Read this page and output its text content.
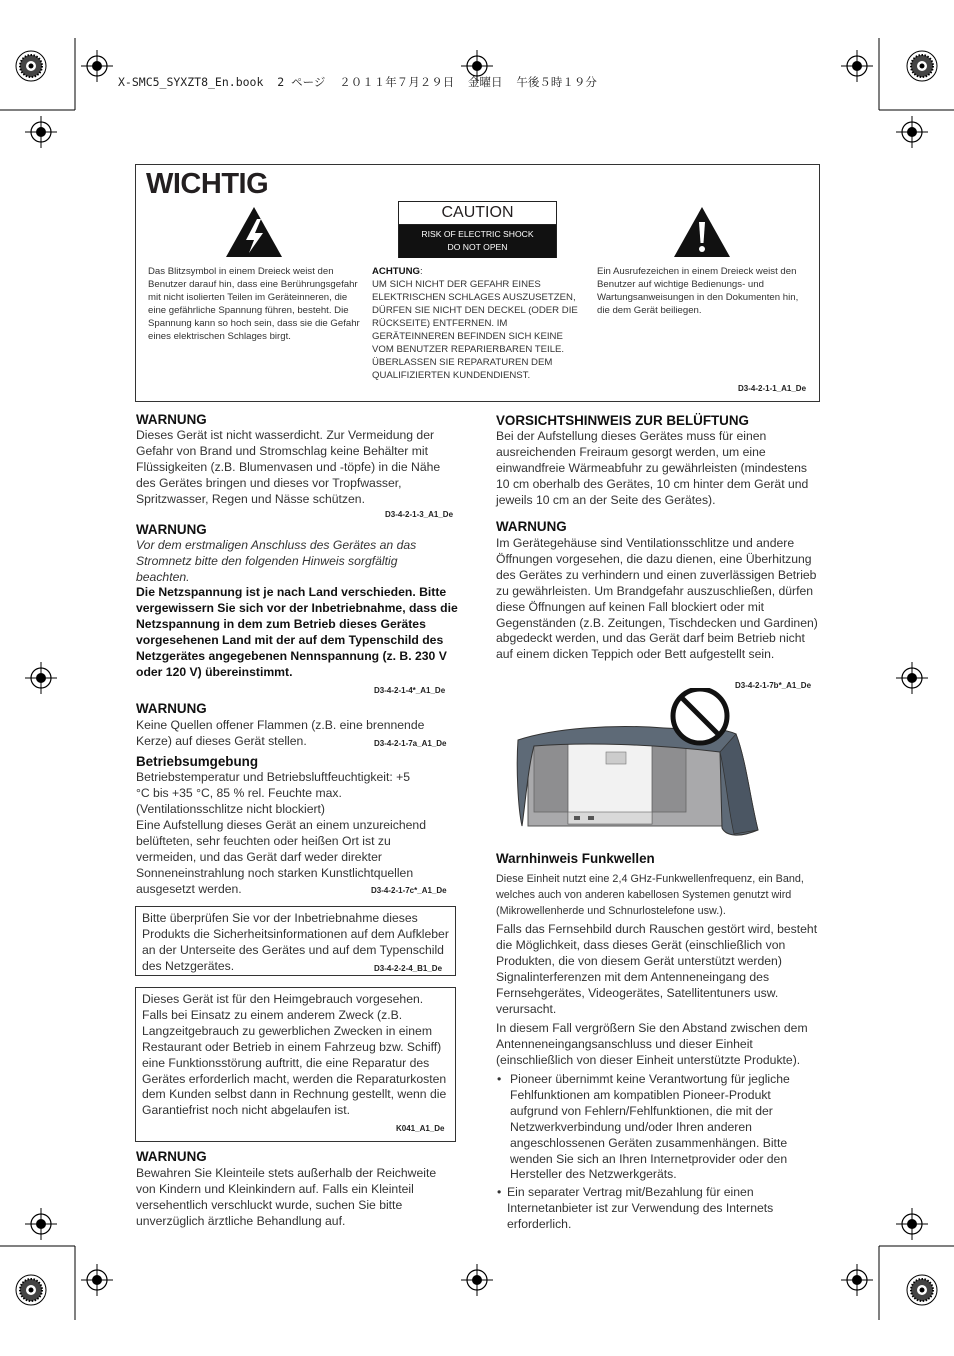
X-SMC5_SYXZT8_En.book  2 ページ  ２０１１年７月２９日  金曜日  午後５時１９分
WICHTIG
CAUTION
RISK OF ELECTRIC SHOCK
DO NOT OPEN
Das Blitzsymbol in einem Dreieck weist den Benutzer darauf hin, dass eine Berührungsgefahr mit nicht isolierten Teilen im Geräteinneren, die eine gefährliche Spannung führen, besteht. Die Spannung kann so hoch sein, dass sie die Gefahr eines elektrischen Schlages birgt.
ACHTUNG:
UM SICH NICHT DER GEFAHR EINES ELEKTRISCHEN SCHLAGES AUSZUSETZEN, DÜRFEN SIE NICHT DEN DECKEL (ODER DIE RÜCKSEITE) ENTFERNEN. IM GERÄTEINNEREN BEFINDEN SICH KEINE VOM BENUTZER REPARIERBAREN TEILE. ÜBERLASSEN SIE REPARATUREN DEM QUALIFIZIERTEN KUNDENDIENST.
Ein Ausrufezeichen in einem Dreieck weist den Benutzer auf wichtige Bedienungs- und Wartungsanweisungen in den Dokumenten hin, die dem Gerät beiliegen.
D3-4-2-1-1_A1_De
WARNUNG
Dieses Gerät ist nicht wasserdicht. Zur Vermeidung der Gefahr von Brand und Stromschlag keine Behälter mit Flüssigkeiten (z.B. Blumenvasen und -töpfe) in die Nähe des Gerätes bringen und dieses vor Tropfwasser, Spritzwasser, Regen und Nässe schützen.
D3-4-2-1-3_A1_De
WARNUNG
Vor dem erstmaligen Anschluss des Gerätes an das Stromnetz bitte den folgenden Hinweis sorgfältig beachten.
Die Netzspannung ist je nach Land verschieden. Bitte vergewissern Sie sich vor der Inbetriebnahme, dass die Netzspannung in dem zum Betrieb dieses Gerätes vorgesehenen Land mit der auf dem Typenschild des Netzgerätes angegebenen Nennspannung (z. B. 230 V oder 120 V) übereinstimmt.
D3-4-2-1-4*_A1_De
WARNUNG
Keine Quellen offener Flammen (z.B. eine brennende Kerze) auf dieses Gerät stellen.	D3-4-2-1-7a_A1_De
Betriebsumgebung
Betriebstemperatur und Betriebsluftfeuchtigkeit: +5 °C bis +35 °C, 85 % rel. Feuchte max. (Ventilationsschlitze nicht blockiert)
Eine Aufstellung dieses Gerät an einem unzureichend belüfteten, sehr feuchten oder heißen Ort ist zu vermeiden, und das Gerät darf weder direkter Sonneneinstrahlung noch starken Kunstlichtquellen ausgesetzt werden.	D3-4-2-1-7c*_A1_De
Bitte überprüfen Sie vor der Inbetriebnahme dieses Produkts die Sicherheitsinformationen auf dem Aufkleber an der Unterseite des Gerätes und auf dem Typenschild des Netzgerätes.	D3-4-2-2-4_B1_De
Dieses Gerät ist für den Heimgebrauch vorgesehen. Falls bei Einsatz zu einem anderem Zweck (z.B. Langzeitgebrauch zu gewerblichen Zwecken in einem Restaurant oder Betrieb in einem Fahrzeug bzw. Schiff) eine Funktionsstörung auftritt, die eine Reparatur des Gerätes erforderlich macht, werden die Reparaturkosten dem Kunden selbst dann in Rechnung gestellt, wenn die Garantiefrist noch nicht abgelaufen ist.
K041_A1_De
WARNUNG
Bewahren Sie Kleinteile stets außerhalb der Reichweite von Kindern und Kleinkindern auf. Falls ein Kleinteil versehentlich verschluckt wurde, suchen Sie bitte unverzüglich ärztliche Behandlung auf.
VORSICHTSHINWEIS ZUR BELÜFTUNG
Bei der Aufstellung dieses Gerätes muss für einen ausreichenden Freiraum gesorgt werden, um eine einwandfreie Wärmeabfuhr zu gewährleisten (mindestens 10 cm oberhalb des Gerätes, 10 cm hinter dem Gerät und jeweils 10 cm an der Seite des Gerätes).
WARNUNG
Im Gerätegehäuse sind Ventilationsschlitze und andere Öffnungen vorgesehen, die dazu dienen, eine Überhitzung des Gerätes zu verhindern und einen zuverlässigen Betrieb zu gewährleisten. Um Brandgefahr auszuschließen, dürfen diese Öffnungen auf keinen Fall blockiert oder mit Gegenständen (z.B. Zeitungen, Tischdecken und Gardinen) abgedeckt werden, und das Gerät darf beim Betrieb nicht auf einem dicken Teppich oder Bett aufgestellt sein.
D3-4-2-1-7b*_A1_De
Warnhinweis Funkwellen
Diese Einheit nutzt eine 2,4 GHz-Funkwellenfrequenz, ein Band, welches auch von anderen kabellosen Systemen genutzt wird (Mikrowellenherde und Schnurlostelefone usw.).
Falls das Fernsehbild durch Rauschen gestört wird, besteht die Möglichkeit, dass dieses Gerät (einschließlich von Produkten, die von diesem Gerät unterstützt werden) Signalinterferenzen mit dem Antenneneingang des Fernsehgerätes, Videogerätes, Satellitentuners usw. verursacht.
In diesem Fall vergrößern Sie den Abstand zwischen dem Antenneneingangsanschluss und dieser Einheit (einschließlich von dieser Einheit unterstützte Produkte).
• Pioneer übernimmt keine Verantwortung für jegliche Fehlfunktionen am kompatiblen Pioneer-Produkt aufgrund von Fehlern/Fehlfunktionen, die mit der Netzwerkverbindung und/oder Ihren anderen angeschlossenen Geräten zusammenhängen. Bitte wenden Sie sich an Ihren Internetprovider oder den Hersteller des Netzwerkgeräts.
• Ein separater Vertrag mit/Bezahlung für einen Internetanbieter ist zur Verwendung des Internets erforderlich.
